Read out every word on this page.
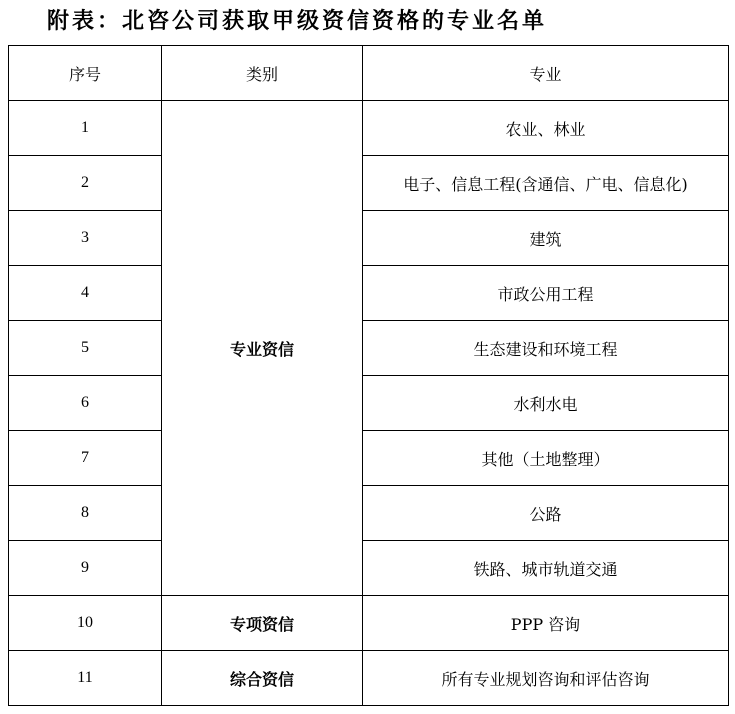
附表：北咨公司获取甲级资信资格的专业名单
序号	类别	专业
1	专业资信	农业、林业
2		电子、信息工程(含通信、广电、信息化)
3		建筑
4		市政公用工程
5		生态建设和环境工程
6		水利水电
7		其他（土地整理）
8		公路
9		铁路、城市轨道交通
10	专项资信	PPP 咨询
11	综合资信	所有专业规划咨询和评估咨询
